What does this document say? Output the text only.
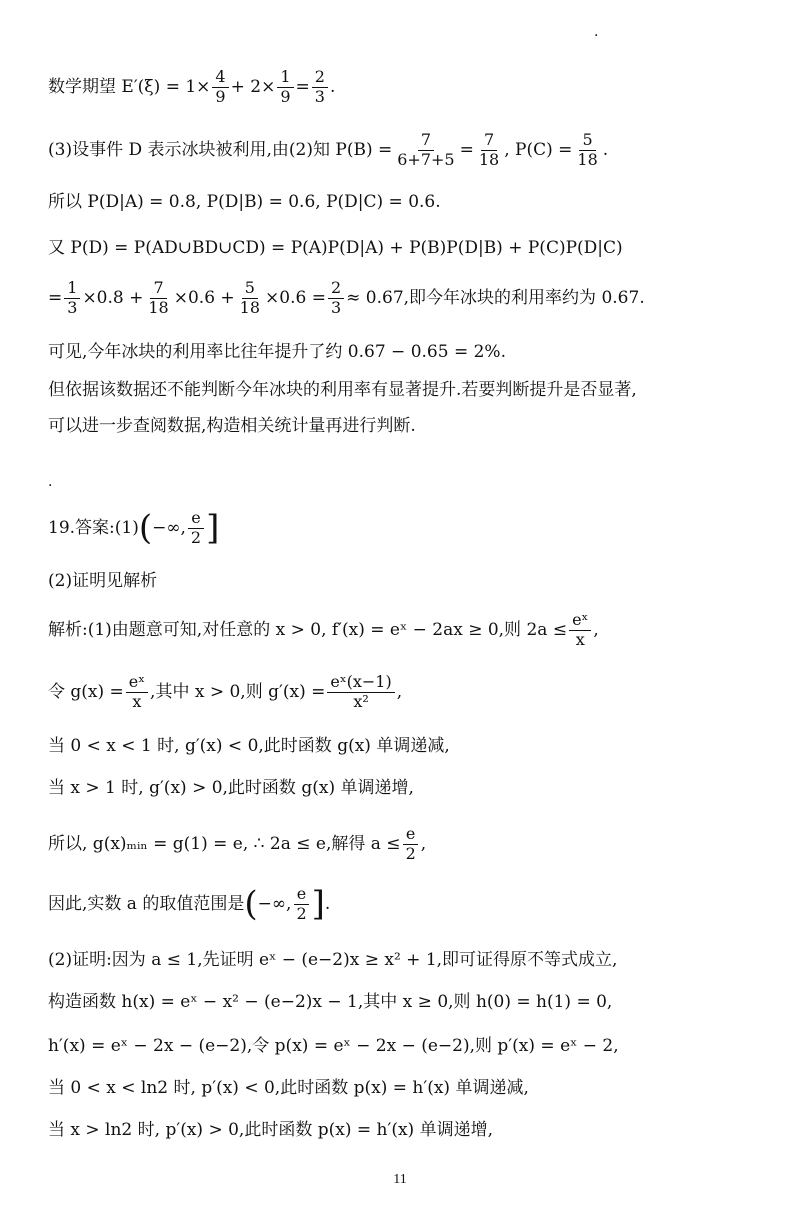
.
数学期望 $E'(\xi) = 1\times \frac{4}{9} + 2\times \frac{1}{9} = \frac{2}{3}$ .
(3)设事件 D 表示冰块被利用,由(2)知 $P(B) = \frac{7}{6+7+5} = \frac{7}{18}$ , $P(C) = \frac{5}{18}$ .
所以 P(D|A) = 0.8, P(D|B) = 0.6, P(D|C) = 0.6.
又 P(D) = P(AD∪BD∪CD) = P(A)P(D|A) + P(B)P(D|B) + P(C)P(D|C)
= $\frac{1}{3} \times 0.8 + \frac{7}{18} \times 0.6 + \frac{5}{18} \times 0.6 = \frac{2}{3} \approx 0.67$,即今年冰块的利用率约为 0.67.
可见,今年冰块的利用率比往年提升了约 0.67 − 0.65 = 2%.
但依据该数据还不能判断今年冰块的利用率有显著提升.若要判断提升是否显著,
可以进一步查阅数据,构造相关统计量再进行判断.
.
19.答案:(1) ( −∞, $\frac{e}{2}$ ]
(2)证明见解析
解析:(1)由题意可知,对任意的 x > 0, f′(x) = eˣ − 2ax ≥ 0,则 $2a \le \frac{\text{eˣ}}{x}$ ,
令 $g(x) = \frac{\text{eˣ}}{x}$ ,其中 x > 0,则 $g'(x) = \frac{\text{eˣ(x−1)}}{\text{x²}}$ ,
当 0 < x < 1 时, g′(x) < 0,此时函数 g(x) 单调递减,
当 x > 1 时, g′(x) > 0,此时函数 g(x) 单调递增,
所以, g(x)ₘᵢₙ = g(1) = e, ∴ 2a ≤ e,解得 $a \le \frac{e}{2}$ ,
因此,实数 a 的取值范围是 ( −∞, $\frac{e}{2}$ ] .
(2)证明:因为 a ≤ 1,先证明 eˣ − (e−2)x ≥ x² + 1,即可证得原不等式成立,
构造函数 h(x) = eˣ − x² − (e−2)x − 1,其中 x ≥ 0,则 h(0) = h(1) = 0,
h′(x) = eˣ − 2x − (e−2),令 p(x) = eˣ − 2x − (e−2),则 p′(x) = eˣ − 2,
当 0 < x < ln2 时, p′(x) < 0,此时函数 p(x) = h′(x) 单调递减,
当 x > ln2 时, p′(x) > 0,此时函数 p(x) = h′(x) 单调递增,
11
